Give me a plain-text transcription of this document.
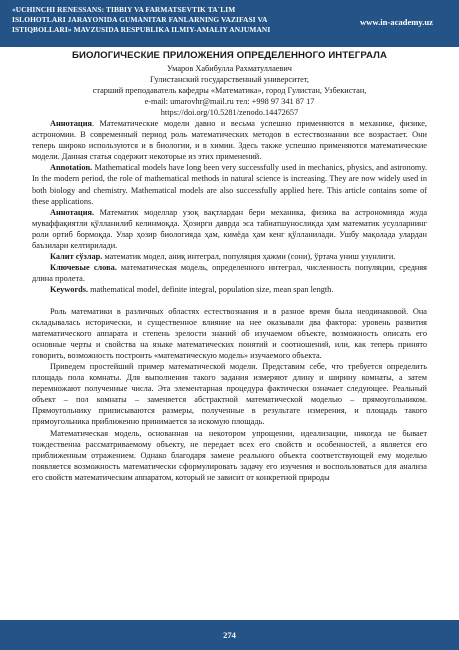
«UCHINCHI RENESSANS: TIBBIY VA FARMATSEVTIK TA`LIM
ISLOHOTLARI JARAYONIDA GUMANITAR FANLARNING VAZIFASI VA
ISTIQBOLLARI» MAVZUSIDA RESPUBLIKA ILMIY-AMALIY ANJUMANI
www.in-academy.uz
БИОЛОГИЧЕСКИЕ ПРИЛОЖЕНИЯ ОПРЕДЕЛЕННОГО ИНТЕГРАЛА
Умаров Хабибулла Рахматуллаевич
Гулистанский государственный университет,
старший преподаватель кафедры «Математика», город Гулистан, Узбекистан,
e-mail: umarovhr@mail.ru тел: +998 97 341 87 17
https://doi.org/10.5281/zenodo.14472657

Аннотация. Математические модели давно и весьма успешно применяются в механике, физике, астрономии. В современный период роль математических методов в естествознании все возрастает. Они теперь широко используются и в биологии, и в химии. Здесь также успешно применяются математические модели. Данная статья содержит некоторые из этих применений.

Annotation. Mathematical models have long been very successfully used in mechanics, physics, and astronomy. In the modern period, the role of mathematical methods in natural science is increasing. They are now widely used in both biology and chemistry. Mathematical models are also successfully applied here. This article contains some of these applications.

Аннотация. Математик моделлар узоқ вақтлардан бери механика, физика ва астрономияда жуда муваффақиятли қўлланилиб келинмоқда. Ҳозирги даврда эса табиатшуносликда ҳам математик усулларнинг роли ортиб бормоқда. Улар ҳозир биологияда ҳам, кимёда ҳам кенг қўлланилади. Ушбу мақолада улардан баъзилари келтирилади.

Калит сўзлар. математик модел, аниқ интеграл, популяция ҳажми (сони), ўртача униш узунлиги.

Ключевые слова. математическая модель, определенного интеграл, численность популяции, средняя длина пролета.

Keywords. mathematical model, definite integral, population size, mean span length.

Роль математики в различных областях естествознания и в разное время была неодинаковой. Она складывалась исторически, и существенное влияние на нее оказывали два фактора: уровень развития математического аппарата и степень зрелости знаний об изучаемом объекте, возможность описать его основные черты и свойства на языке математических понятий и соотношений, или, как теперь принято говорить, возможность построить «математическую модель» изучаемого объекта.

Приведем простейший пример математической модели. Представим себе, что требуется определить площадь пола комнаты. Для выполнения такого задания измеряют длину и ширину комнаты, а затем перемножают полученные числа. Эта элементарная процедура фактически означает следующее. Реальный объект – пол комнаты – заменяется абстрактной математической моделью – прямоугольником. Прямоугольнику приписываются размеры, полученные в результате измерения, и площадь такого прямоугольника приближенно принимается за искомую площадь.

Математическая модель, основанная на некотором упрощении, идеализации, никогда не бывает тождественна рассматриваемому объекту, не передает всех его свойств и особенностей, а является его приближенным отражением. Однако благодаря замене реального объекта соответствующей ему моделью появляется возможность математически сформулировать задачу его изучения и воспользоваться для анализа его свойств математическим аппаратом, который не зависит от конкретной природы

274
